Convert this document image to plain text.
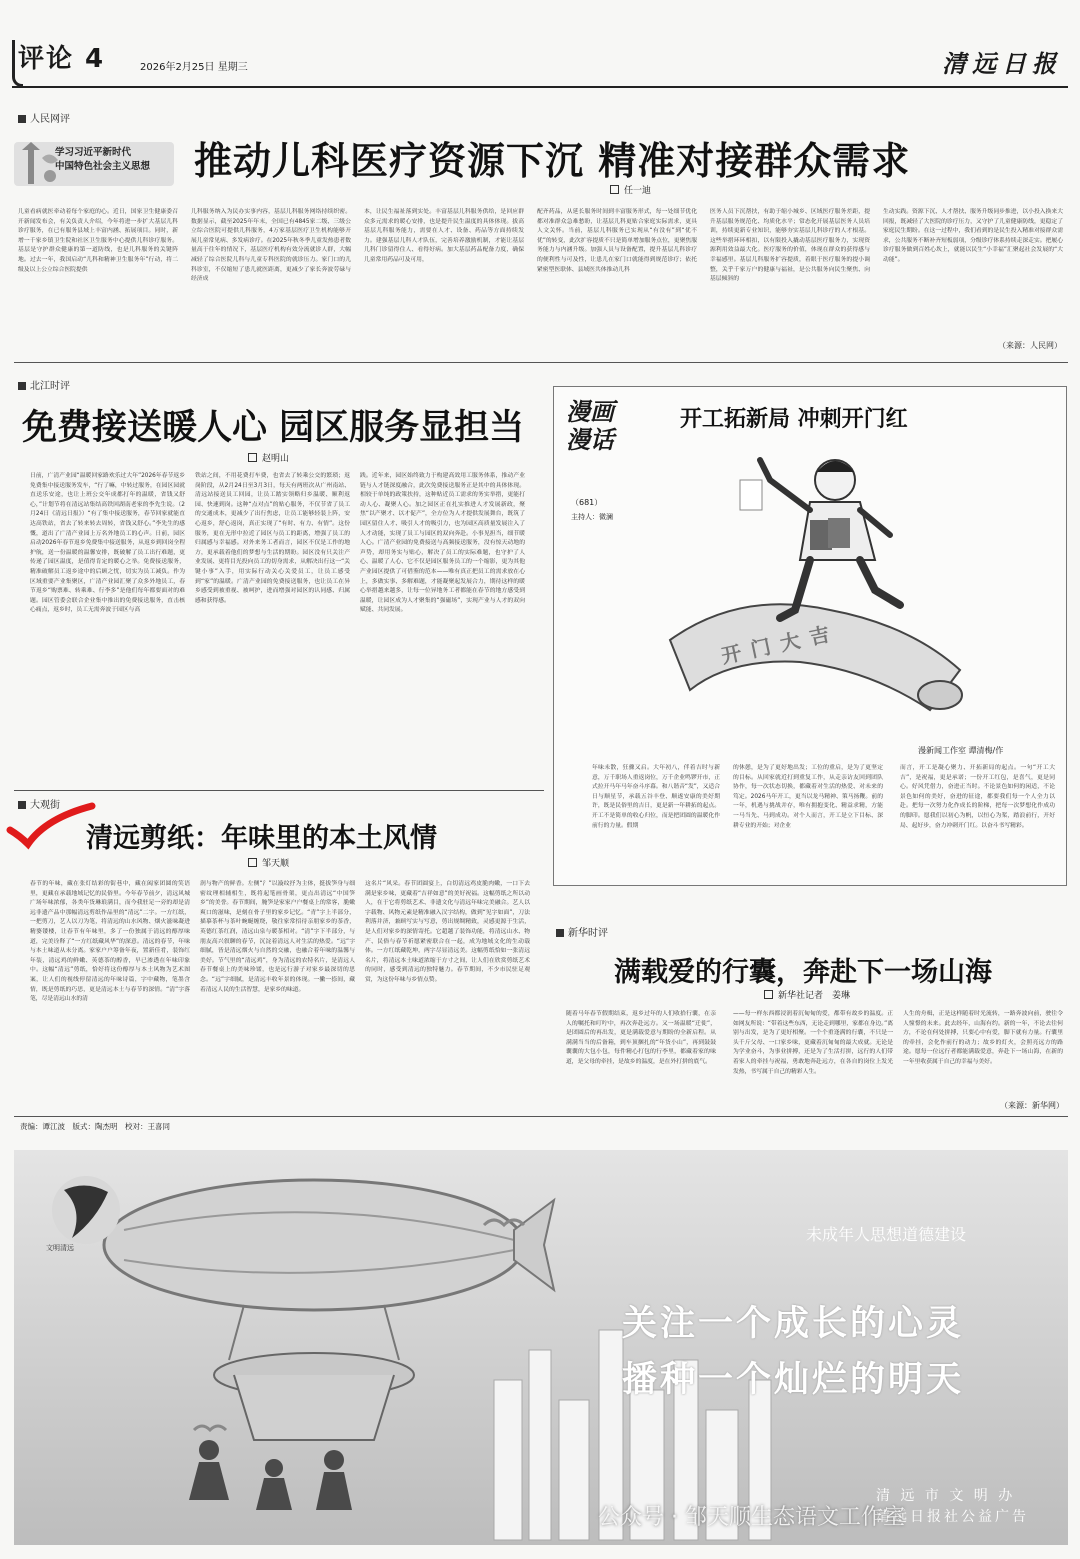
评论 4	2026年2月25日 星期三	清远日报
人民网评
学习习近平新时代
中国特色社会主义思想 推动儿科医疗资源下沉 精准对接群众需求
任一迪
儿童看病就医牵动着每个家庭的心。近日，国家卫生健康委召开新闻发布会，有关负责人介绍，今年将进一步扩大基层儿科诊疗服务，在已有服务县域上丰富内涵、拓展项目。同时，新增一千家乡镇卫生院和社区卫生服务中心提供儿科诊疗服务。基层是守护群众健康的第一道防线，也是儿科服务的关键阵地。过去一年，我国启动“儿科和精神卫生服务年”行动，将二级及以上公立综合医院提供
儿科服务纳入为民办实事内容，基层儿科服务网络持续织密。数据显示，截至2025年年末，全国已有4845家二级、三级公立综合医院可提供儿科服务，4万家基层医疗卫生机构能够开展儿童常见病、多发病诊疗。在2025年秋冬季儿童发热患者数量高于往年的情况下，基层医疗机构有效分流就诊人群，大幅减轻了综合医院儿科与儿童专科医院的就诊压力。家门口的儿科诊室，不仅缩短了患儿就医距离，更减少了家长奔波劳碌与经济成
本，让民生福祉落到实处。丰富基层儿科服务供给，是回应群众多元需求的暖心安排，也是提升民生温度的具体体现。拔高基层儿科服务能力，需要在人才、设备、药品等方面持续发力。建强基层儿科人才队伍，完善培养激励机制，才能让基层儿科门诊留得住人、看得好病。加大基层药品配备力度，确保儿童常用药品可及可用，
配齐药品，从延长服务时间到丰富服务形式，每一处细节优化都对准群众急难愁盼，让基层儿科更贴合家庭实际需求，更具人文关怀。当前，基层儿科服务已实现从“有没有”到“优不优”的转变，此次扩容提质不只是简单增加服务点位，更聚焦服务能力与内涵升级。加强人员与设备配置，提升基层儿科诊疗的便利性与可及性，让患儿在家门口就能得到规范诊疗；依托紧密型医联体、县域医共体推动儿科
医务人员下沉帮扶，有助于缩小城乡、区域医疗服务差距，提升基层服务规范化、均质化水平；常态化开展基层医务人员培训，持续更新专业知识，能够夯实基层儿科诊疗的人才根基。这些举措环环相扣，以有限投入撬动基层医疗服务力，实现资源利用效益最大化。医疗服务的价值，体现在群众的获得感与幸福感里。基层儿科服务扩容提质，着眼于医疗服务的提小调整，关乎千家万户的健康与福祉，是公共服务向民生聚焦、向基层倾斜的
生动实践。资源下沉、人才帮扶、服务升级同步推进，以小投入换来大回报，既减轻了大医院的诊疗压力，又守护了儿童健康防线，更稳定了家庭民生期盼。在这一过程中，我们看到的是民生投入精准对接群众需求，公共服务不断补齐短板弱项，分级诊疗体系持续走深走实。把履心诊疗服务做到百姓心坎上，就能以民生“小幸福”汇聚起社会发展的“大动能”。
（来源：人民网）
北江时评
免费接送暖人心 园区服务显担当
赵明山
日前，广清产业园“温暖回家路欢乐过大年”2026年春节返乡免费集中接送服务发车，“行了嘛，中转过服务，在园区园就直送乐安途，也让上班公交年成都打年的温暖，省钱又舒心，”计划节将在清远站集结高铁回湖南老家的李先生说。（2月24日《清远日报》）“有了集中接送服务，春节回家就能直达高铁站，省去了转来转去周转，省钱又舒心。”李先生的感慨，道出了广清产业园上万名外地员工的心声。日前，园区启动2026年春节返乡免费集中接送服务，从返乡到回岗全程护航，送一份温暖的温馨安排，既破解了员工出行难题，更传递了园区温度，是值得肯定的暖心之举。免费接送服务，精准破解员工返乡途中的后顾之忧，切实为员工减负。作为区域重要产业集聚区，广清产业园汇聚了众多外地员工，春节返乡“购票难、转乘难、行李多”是他们每年都要面对的难题。园区管委会联合企业集中推出的免费接送服务，直击核心痛点，返乡时，员工无需奔波于园区与高
铁站之间，不用花费打车费，也省去了转乘公交的繁琐；返岗阶段，从2月24日至3月3日，每天有两班次从广州南站、清远站接送员工回园，让员工踏实领略归乡温暖、顺利返园、快速到岗。这种“点对点”的贴心服务，不仅节省了员工的交通成本，更减少了出行焦虑，让员工能够轻装上阵，安心返乡，舒心返岗，真正实现了“有时、有力、有情”。这份服务，更在无形中拉近了园区与员工的距离，增强了员工的归属感与幸福感。对外来务工者而言，园区不仅是工作的地方，更承载着他们的梦想与生活的期盼。园区没有只关注产业发展、更将目光投向员工的切身需求，从解决出行这一“关键小事”入手，用实际行动关心关爱员工，让员工感受到“家”的温暖。广清产业园的免费接送服务，也让员工在异乡感受到被重视、被呵护，进而增强对园区的认同感、归属感和获得感。
践。近年来，园区始终致力于构建高效用工服务体系，推动产业链与人才链深度融合，此次免费接送服务正是其中的具体体现。相较于单纯的政策扶持，这种贴近员工需求的务实举措，更能打动人心、凝聚人心。加之园区正在扎实推进人才发展新政，聚焦“以产聚才、以才促产”，全方位为人才提供发展舞台，既筑了园区留住人才、吸引人才的吸引力，也为园区高质量发展注入了人才动能，实现了员工与园区的双向奔赴。小事见担当，细节暖人心。广清产业园的免费接送与高频接送服务，没有惊天动地的声势，却用务实与贴心，解决了员工的实际难题，也守护了人心、温暖了人心、它不仅是园区服务员工的一个缩影，更为其他产业园区提供了可借鉴的范本——唯有真正把员工的需求放在心上，多做实事、多解难题，才能凝聚起发展合力，期待这样的暖心举措越来越多，让每一位异地务工者都能在春节的地方感受到温暖，让园区成为人才聚集的“强磁场”，实现产业与人才的双向赋能、共同发展。
大观街
清远剪纸：年味里的本土风情
邹天顺
春节的年味，藏在张灯结彩的街巷中，藏在阖家团圆的笑语里，更藏在承载地域记忆的民俗里。今年春节前夕，清远风城广场年味浓郁，各类年货琳琅满目，而今我驻足一旁的却是清远非遗产品中那幅清远剪纸作品里的“清远”二字。一方红纸，一把剪刀，艺人以刀为笔，将清远的山水风物、烟火滋味凝进精婆镂楼，让春节有年味里，多了一份独属于清远的醇厚味道，完美诠释了“一方红纸藏风华”的深意。清远的春节，年味与本土味道从未分离。家家户户筹备年夜，置新佳肴，装饰红年装，清远鸡的鲜嫩、英德茶的醇香，早已渗透在年味印象中。这幅“清远”剪纸，恰好将这份醇厚与本土风物为艺术图案，让人们的视线停留清远的年味诗篇，字中藏物，笔墨含情，既是剪纸的巧思，更是清远本土与春节的深情。“清”字落笔，尽是清远山水的清
润与物产的鲜香。左侧“氵”以漩纹抒为主体，挺拔笋身与细密纹理相辅相生，既将起笔画骨架，更点出清远“中国笋乡”的美誉。春节期间，腌笋是家家户户餐桌上的常客，脆嫩爽口的滋味，是刻在骨子里的家乡记忆。“青”字上半部分，描摹茶杯与茶叶蜿蜒缠绕，敬往家常招待亲朋家乡的茶香，英德红茶红润，清远山泉与暖茶相对。“清”字下半部分，与朋友高兴叙聊的春节，沉淀着清远人对生活的热爱。“远”字细腻，皆是清远烟火与自然的交融，也融合着年味的温馨与美好。节气里的“清远鸡”，身为清远的农特名片，是清远人春节餐桌上的美味珍馐，也是远行游子对家乡最深切的思念。“远”字细腻，是清远丰收年景的体现。一撇一捺间，藏着清远人民的生活智慧，是家乡的味道。
这名片“风采。春节团圆宴上，白切清远鸡皮脆肉嫩，一口下去满是家乡味，更藏着“吉祥如意”的美好祝福。这幅剪纸之所以动人，在于它将剪纸艺术、非遗文化与清远年味完美融合。艺人以字载物、风物元素是精准融入汉字结构，做到“见字如面”，刀法利落并济，兼顾写实与写意，剪出规绸精致，灵感更源于生活，是人们对家乡的深情寄托。它超越了装饰功能，将清远山水、物产、民俗与春节祈愿紧密联合在一起，成为地域文化的生动载体。一方红纸藏乾坤，两字尽显清远美。这幅剪纸恰如一张清远名片，将清远本土味道浓缩于方寸之间，让人们在欣赏剪纸艺术的同时，感受到清远的独特魅力。春节期间，不少市民驻足观赏，为这份年味与乡情点赞。
责编：谭江波　版式：陶杰明　校对：王喜同
漫画漫话
开工拓新局 冲刺开门红
（681）
主持人：微澜
开门大吉
漫新闻工作室 谭清梅/作
年味未散，狂骤又启。大年初八，伴着吉时与新意，万千职场人重返岗位，万千企业鸣锣开市，正式拉开马年马年奋斗序幕。和八谐音“发”，又适合日与顺星节，承载五谷丰登、顺遂安康的美好期许，既是民俗里的吉日，更是新一年耕拓的起点。开工不是简单的收心归位，而是把团圆的温暖化作前行的力量。假期
的休憩，是为了更好地出发；工位的重启，是为了更坚定的目标。从回家就近打到重复工作，从走亲访友回到团队协作，每一次状态切换，都藏着对生活的热爱、对未来的笃定。2026马年开工，更当以龙马精神、策马扬鞭。前的一年，机遇与挑战并存，唯有拥抱变化、精益求精，方能一马当先、马到成功。对个人而言，开工是立下目标、深耕专业的开始；对企业
而言，开工是凝心聚力、开拓新局的起点。一句“开工大吉”，是祝福，更是承诺；一份开工红包，是喜气，更是同心。好风凭借力，奋进正当时。不论景色如何的闲适，不论景色如何的美好，奋进的征途，都要我们每一个人全力以赴。把每一次努力化作成长的阶梯，把每一次梦想化作成功的脚印。愿我们以初心为帆，以恒心为桨，踏浪前行，开好局、起好步，奋力冲刺开门红。以奋斗书写精彩。
新华时评
满载爱的行囊，奔赴下一场山海
新华社记者　姜琳
随着马年春节假期结束，返乡过年的人们收拾行囊，在亲人的嘱托和叮咛中，再次奔赴远方。又一场温暖“迁徙”，是团圆后的再出发，更是满载爱意与期盼的全新启程。从满满当当的后备箱，到车顶捆扎的“年货小山”，再到鼓鼓囊囊的大包小包，每件精心打包的行李里，都藏着家的味道，是父母的牵挂，是故乡的温度，是在外打拼的底气。
——每一样东西都浸润着沉甸甸的爱，都带有故乡的温度。正如网友所说：“带着这些东西，无论走到哪里，家都在身边。”离别与出发，是为了更好相聚。一个个重逢满的行囊，不只是一头千斤父母、一口家乡味，更藏着沉甸甸的最大成就。无论是为学业奋斗，为事业拼搏，还是为了生活打拼，远行的人们带着家人的牵挂与祝福，勇敢地奔赴远方，在各自的岗位上发光发热，书写属于自己的精彩人生。
人生的舟楫，正是这样随着时光流转，一路奔波向前，驶往令人憧憬的未来。此去经年，山海有约。新的一年，不论去往何方，不论在何处拼搏，只要心中有爱，脚下就有力量。行囊里的牵挂，会化作前行的动力；故乡的灯火，会照亮远方的路途。愿每一位远行者都能满载爱意，奔赴下一场山海，在新的一年里收获属于自己的幸福与美好。
（来源：新华网）
文明清远
未成年人思想道德建设
关注一个成长的心灵
播种一个灿烂的明天
清 远 市 文 明 办
清远日报社公益广告
公众号 · 邹天顺生态语文工作室
